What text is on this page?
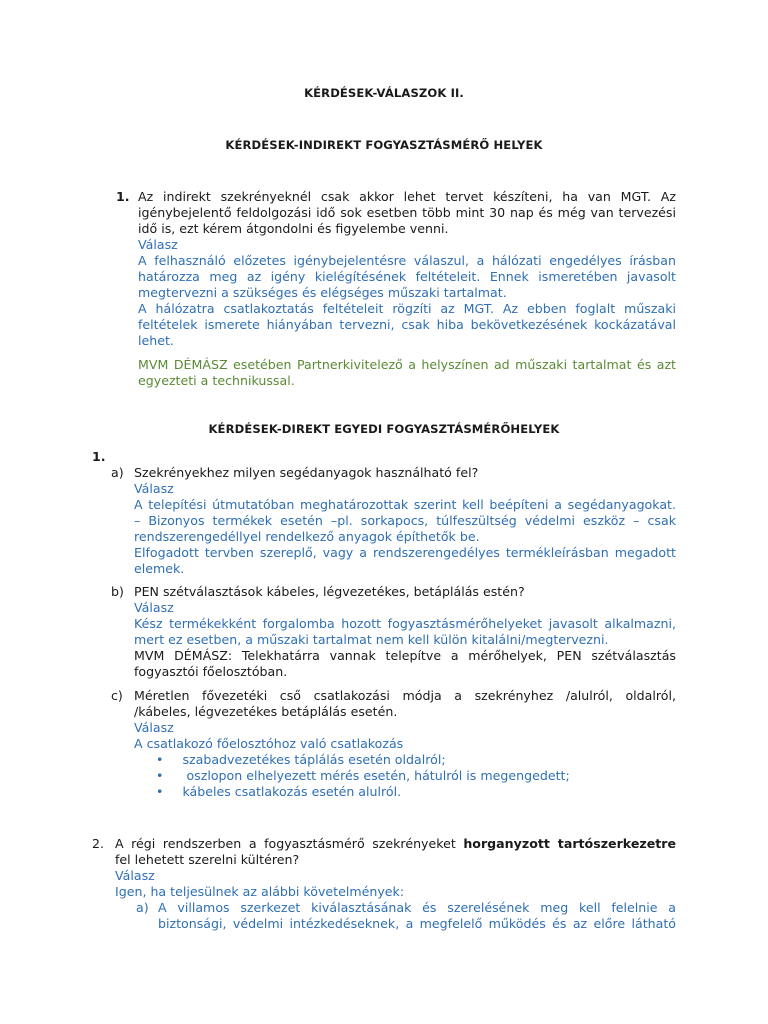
KÉRDÉSEK-VÁLASZOK II.
KÉRDÉSEK-INDIREKT FOGYASZTÁSMÉRŐ HELYEK
1. Az indirekt szekrényeknél csak akkor lehet tervet készíteni, ha van MGT. Az
igénybejelentő feldolgozási idő sok esetben több mint 30 nap és még van tervezési
idő is, ezt kérem átgondolni és figyelembe venni.
Válasz
A felhasználó előzetes igénybejelentésre válaszul, a hálózati engedélyes írásban
határozza meg az igény kielégítésének feltételeit. Ennek ismeretében javasolt
megtervezni a szükséges és elégséges műszaki tartalmat.
A hálózatra csatlakoztatás feltételeit rögzíti az MGT. Az ebben foglalt műszaki
feltételek ismerete hiányában tervezni, csak hiba bekövetkezésének kockázatával
lehet.
MVM DÉMÁSZ esetében Partnerkivitelező a helyszínen ad műszaki tartalmat és azt
egyezteti a technikussal.
KÉRDÉSEK-DIREKT EGYEDI FOGYASZTÁSMÉRŐHELYEK
1.
a) Szekrényekhez milyen segédanyagok használható fel?
Válasz
A telepítési útmutatóban meghatározottak szerint kell beépíteni a segédanyagokat.
– Bizonyos termékek esetén –pl. sorkapocs, túlfeszültség védelmi eszköz – csak
rendszerengedéllyel rendelkező anyagok építhetők be.
Elfogadott tervben szereplő, vagy a rendszerengedélyes termékleírásban megadott
elemek.
b) PEN szétválasztások kábeles, légvezetékes, betáplálás estén?
Válasz
Kész termékekként forgalomba hozott fogyasztásmérőhelyeket javasolt alkalmazni,
mert ez esetben, a műszaki tartalmat nem kell külön kitalálni/megtervezni.
MVM DÉMÁSZ: Telekhatárra vannak telepítve a mérőhelyek, PEN szétválasztás
fogyasztói főelosztóban.
c) Méretlen fővezetéki cső csatlakozási módja a szekrényhez /alulról, oldalról,
/kábeles, légvezetékes betáplálás esetén.
Válasz
A csatlakozó főelosztóhoz való csatlakozás
• szabadvezetékes táplálás esetén oldalról;
• oszlopon elhelyezett mérés esetén, hátulról is megengedett;
• kábeles csatlakozás esetén alulról.
2. A régi rendszerben a fogyasztásmérő szekrényeket horganyzott tartószerkezetre
fel lehetett szerelni kültéren?
Válasz
Igen, ha teljesülnek az alábbi követelmények:
a) A villamos szerkezet kiválasztásának és szerelésének meg kell felelnie a
biztonsági, védelmi intézkedéseknek, a megfelelő működés és az előre látható
